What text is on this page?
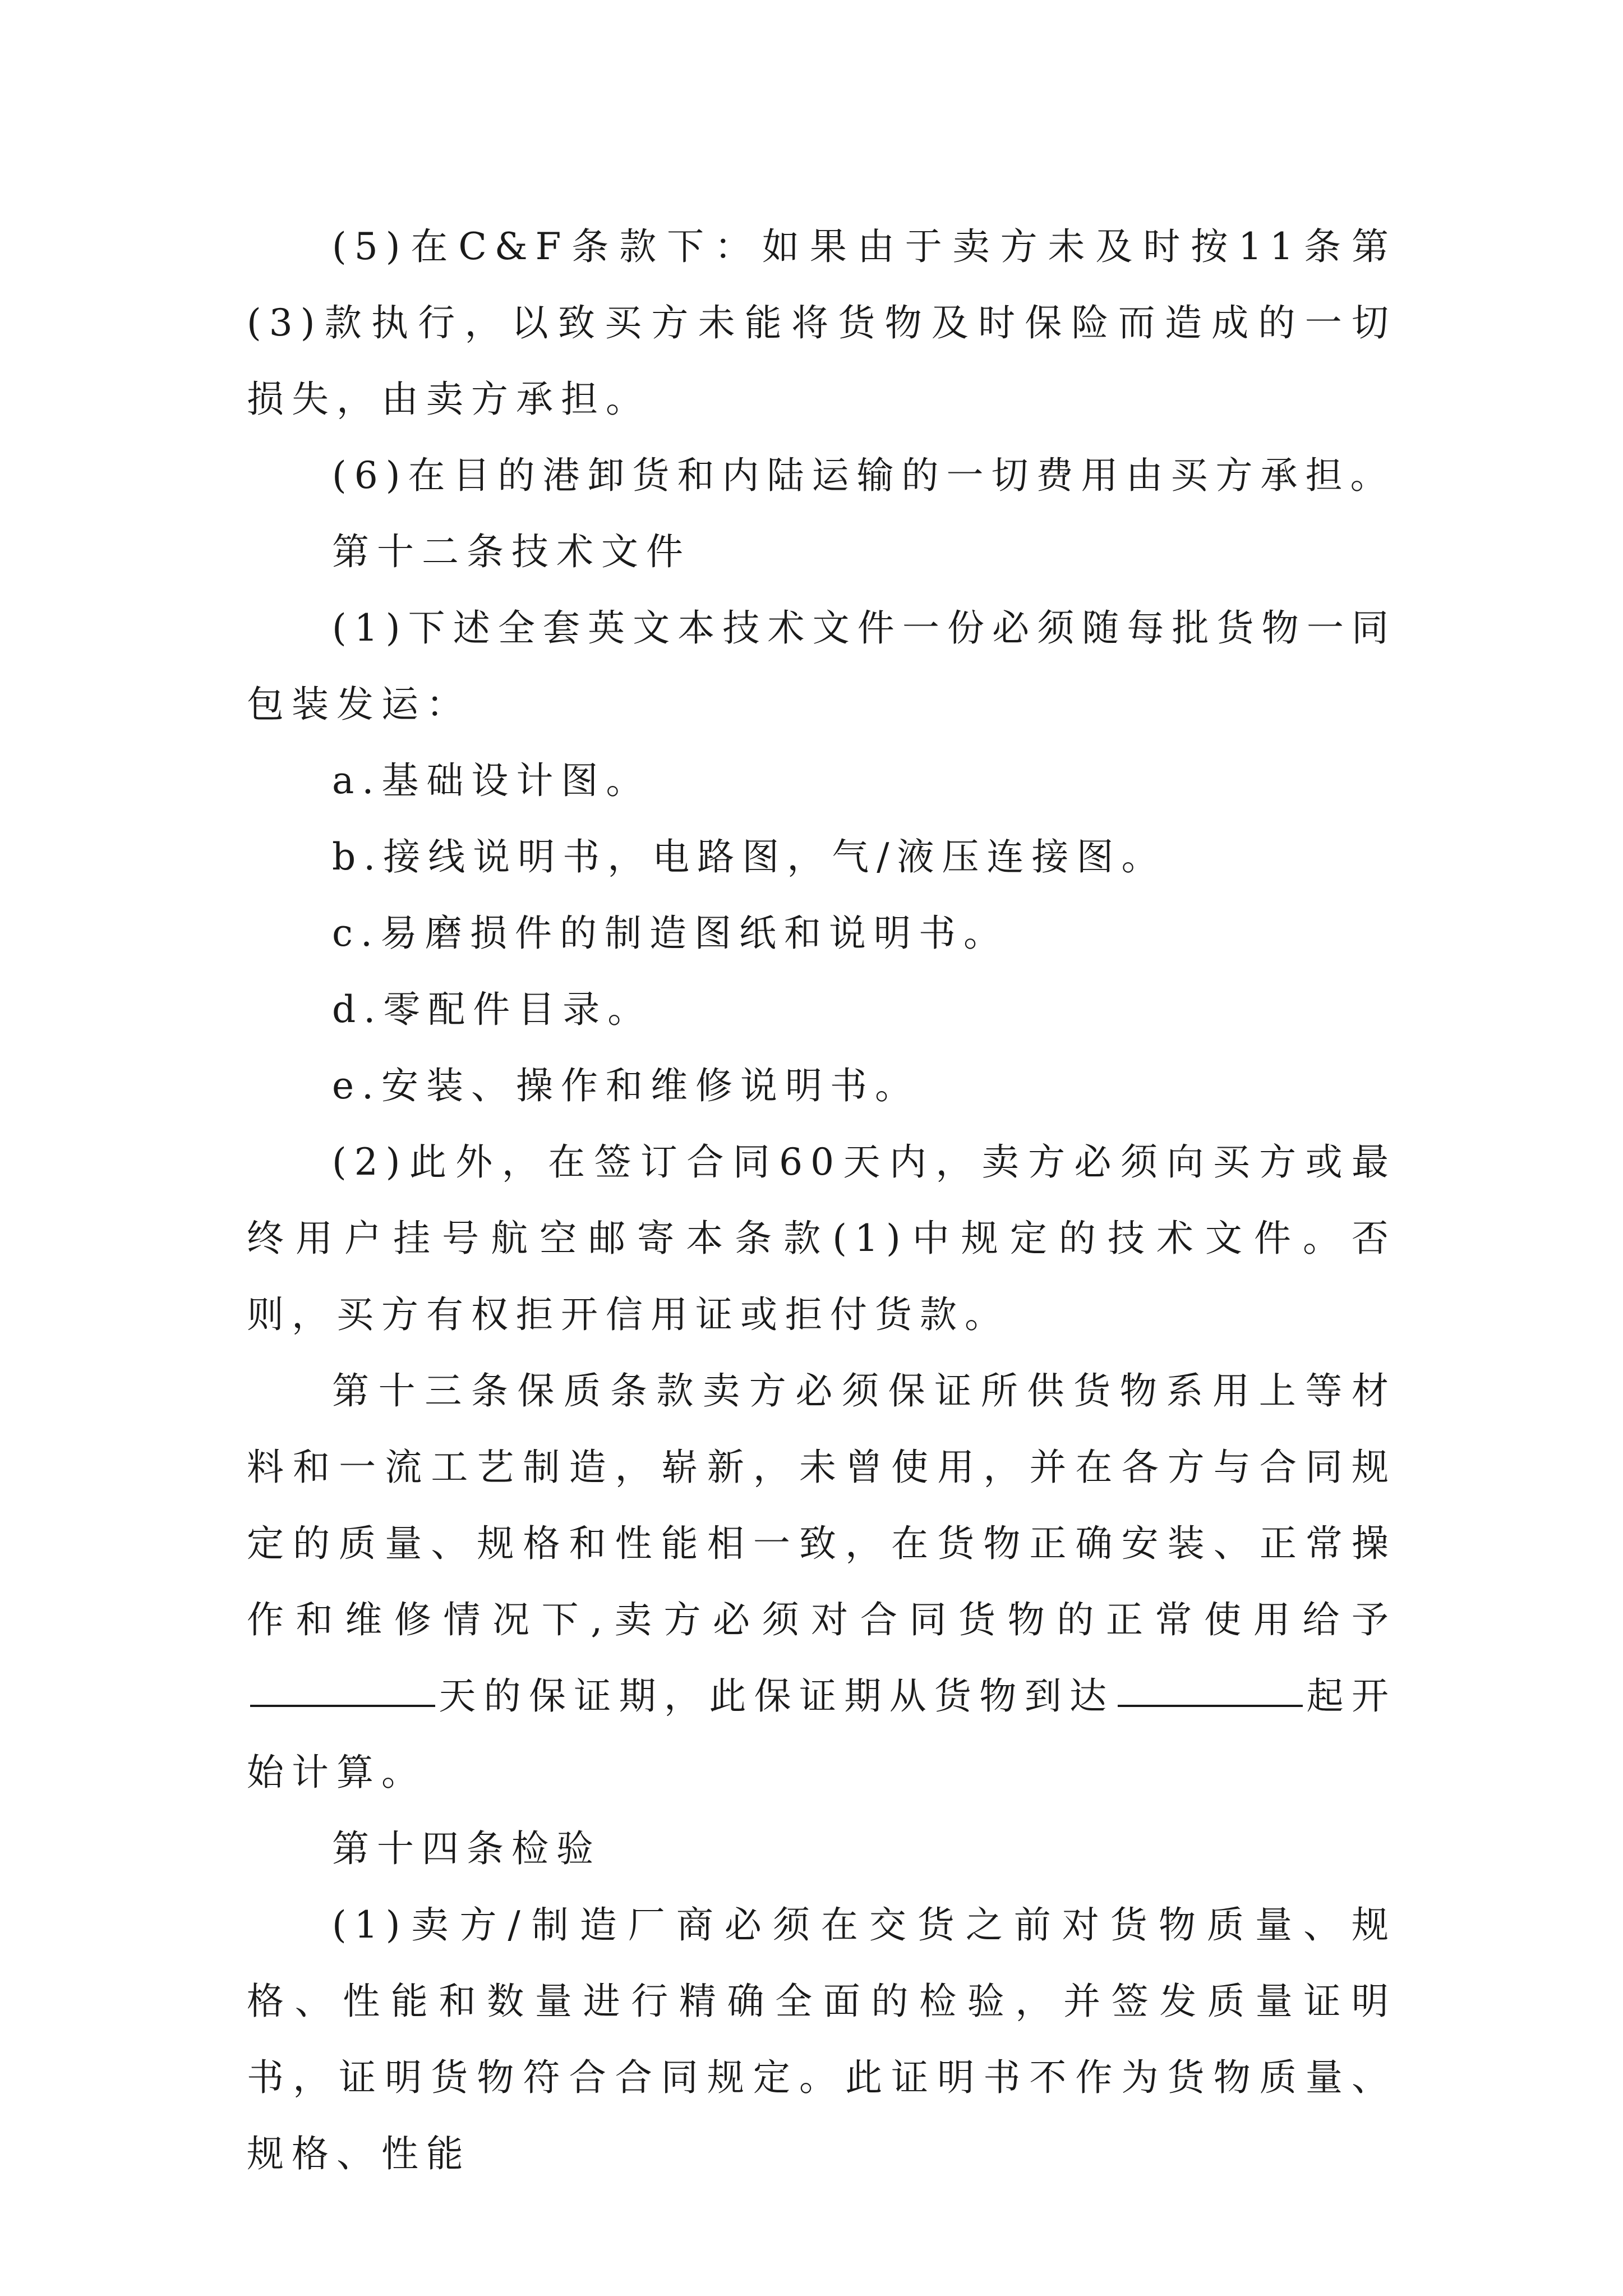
(5)在C&F条款下：如果由于卖方未及时按11条第(3)款执行，以致买方未能将货物及时保险而造成的一切损失，由卖方承担。

(6)在目的港卸货和内陆运输的一切费用由买方承担。

第十二条技术文件

(1)下述全套英文本技术文件一份必须随每批货物一同包装发运：

a.基础设计图。

b.接线说明书，电路图，气/液压连接图。

c.易磨损件的制造图纸和说明书。

d.零配件目录。

e.安装、操作和维修说明书。

(2)此外，在签订合同60天内，卖方必须向买方或最终用户挂号航空邮寄本条款(1)中规定的技术文件。否则，买方有权拒开信用证或拒付货款。

第十三条保质条款卖方必须保证所供货物系用上等材料和一流工艺制造，崭新，未曾使用，并在各方与合同规定的质量、规格和性能相一致，在货物正确安装、正常操作和维修情况下,卖方必须对合同货物的正常使用给予天的保证期，此保证期从货物到达	起开始计算。

第十四条检验

(1)卖方/制造厂商必须在交货之前对货物质量、规格、性能和数量进行精确全面的检验，并签发质量证明书，证明货物符合合同规定。此证明书不作为货物质量、规格、性能
